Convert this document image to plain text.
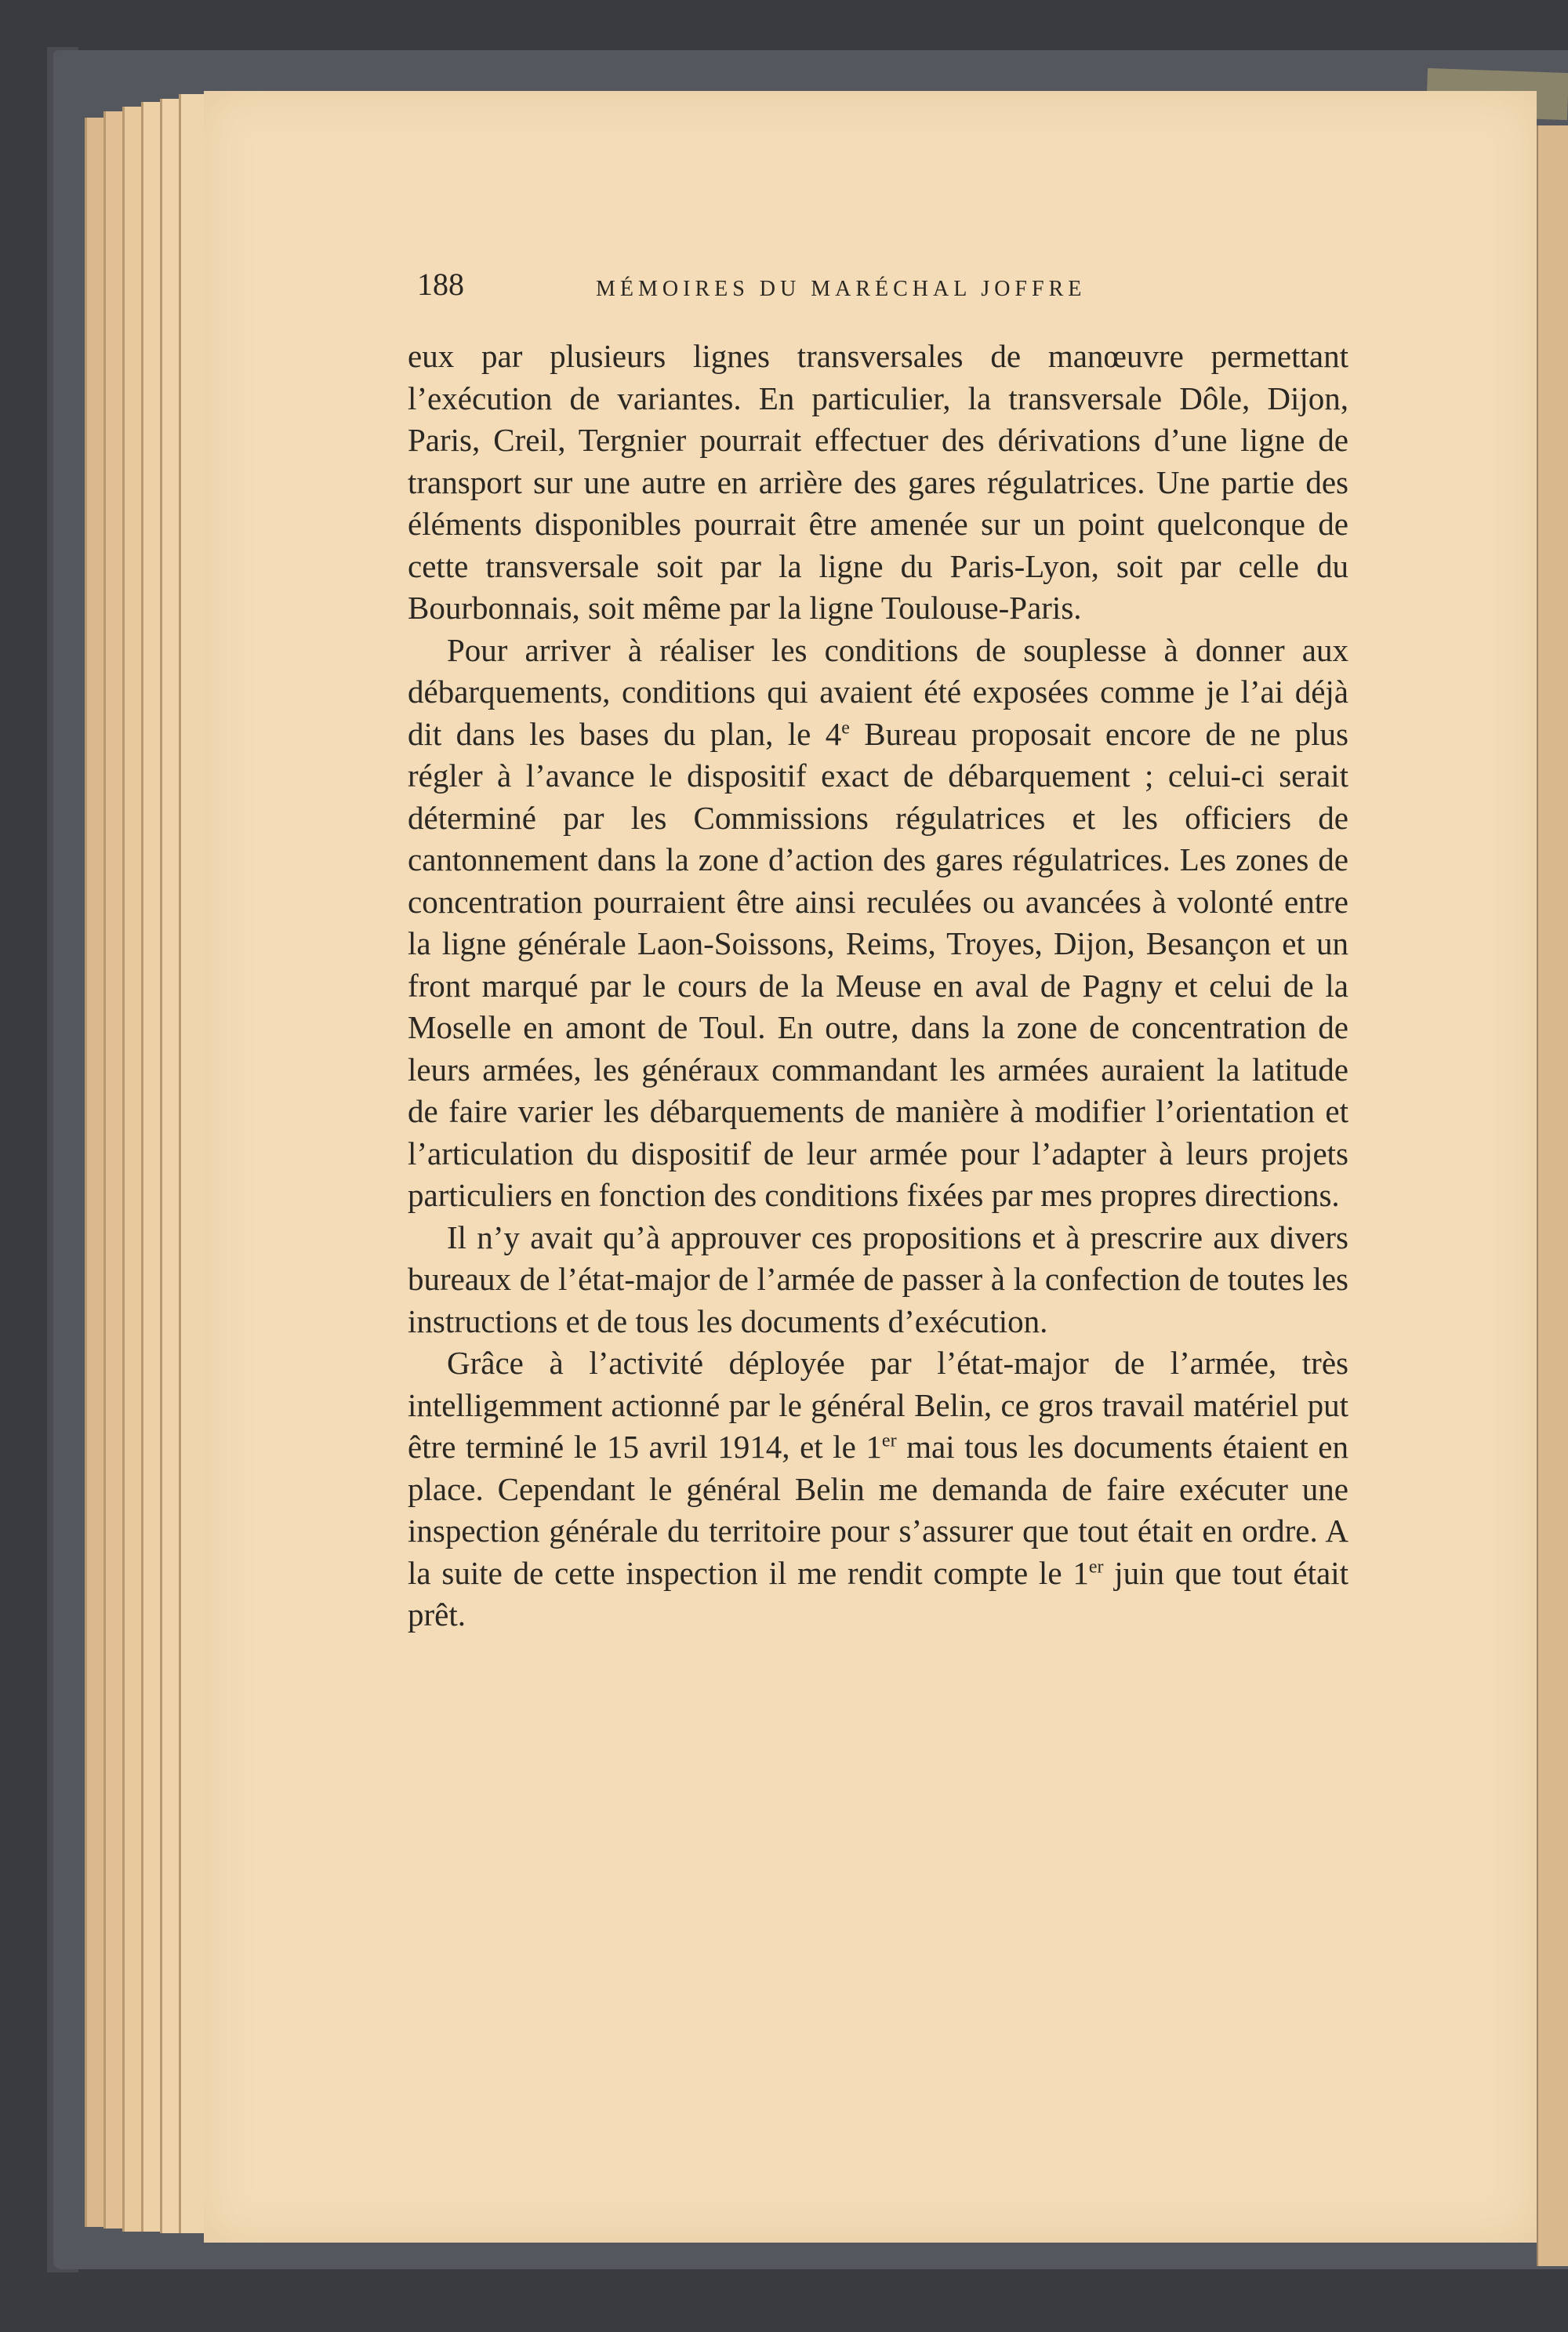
188	MÉMOIRES DU MARÉCHAL JOFFRE

eux par plusieurs lignes transversales de manœuvre permettant l’exécution de variantes. En particulier, la transversale Dôle, Dijon, Paris, Creil, Tergnier pourrait effectuer des dérivations d’une ligne de transport sur une autre en arrière des gares régulatrices. Une partie des éléments disponibles pourrait être amenée sur un point quelconque de cette transversale soit par la ligne du Paris-Lyon, soit par celle du Bourbonnais, soit même par la ligne Toulouse-Paris.

Pour arriver à réaliser les conditions de souplesse à donner aux débarquements, conditions qui avaient été exposées comme je l’ai déjà dit dans les bases du plan, le 4e Bureau proposait encore de ne plus régler à l’avance le dispositif exact de débarquement ; celui-ci serait déterminé par les Commissions régulatrices et les officiers de cantonnement dans la zone d’action des gares régulatrices. Les zones de concentration pourraient être ainsi reculées ou avancées à volonté entre la ligne générale Laon-Soissons, Reims, Troyes, Dijon, Besançon et un front marqué par le cours de la Meuse en aval de Pagny et celui de la Moselle en amont de Toul. En outre, dans la zone de concentration de leurs armées, les généraux commandant les armées auraient la latitude de faire varier les débarquements de manière à modifier l’orientation et l’articulation du dispositif de leur armée pour l’adapter à leurs projets particuliers en fonction des conditions fixées par mes propres directions.

Il n’y avait qu’à approuver ces propositions et à prescrire aux divers bureaux de l’état-major de l’armée de passer à la confection de toutes les instructions et de tous les documents d’exécution.

Grâce à l’activité déployée par l’état-major de l’armée, très intelligemment actionné par le général Belin, ce gros travail matériel put être terminé le 15 avril 1914, et le 1er mai tous les documents étaient en place. Cependant le général Belin me demanda de faire exécuter une inspection générale du territoire pour s’assurer que tout était en ordre. A la suite de cette inspection il me rendit compte le 1er juin que tout était prêt.
